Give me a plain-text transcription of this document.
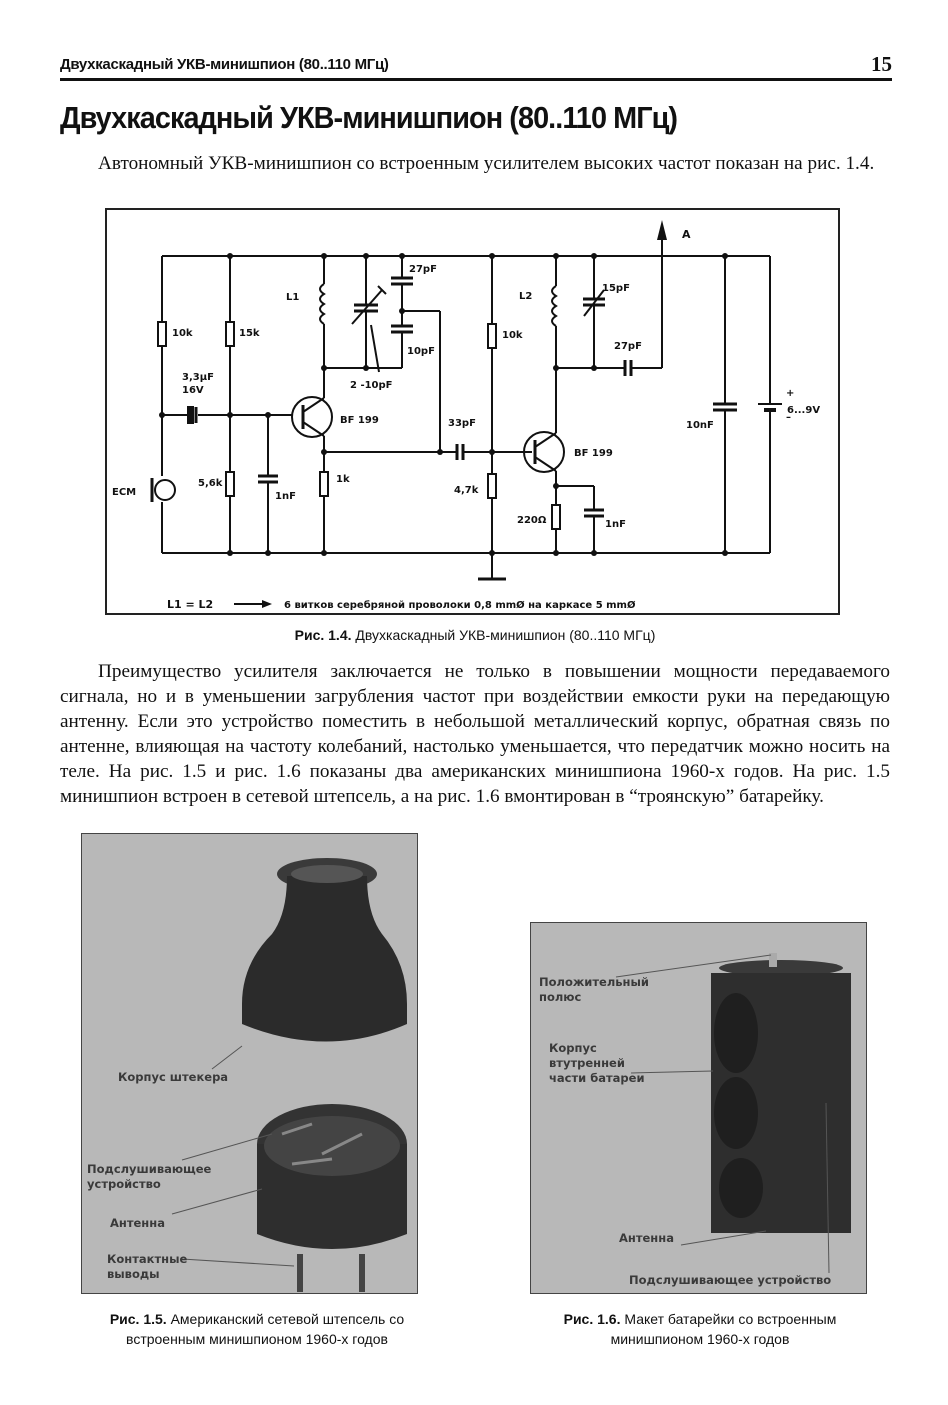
Двухкаскадный УКВ-минишпион (80..110 МГц)	15
Двухкаскадный УКВ-минишпион (80..110 МГц)
Автономный УКВ-минишпион со встроенным усилителем высоких частот показан на рис. 1.4.
10k	15k
3,3μF
16V
5,6k
1nF
ECM
L1
2 -10pF
27pF
10pF
BF 199
1k
33pF
10k
4,7k
L2
15pF
27pF
BF 199
220Ω	1nF
10nF
6...9V
+
–
A
L1 = L2	6 витков серебряной проволоки 0,8 mmØ на каркасе 5 mmØ
Рис. 1.4. Двухкаскадный УКВ-минишпион (80..110 МГц)
Преимущество усилителя заключается не только в повышении мощности передаваемого сигнала, но и в уменьшении загрубления частот при воздействии емкости руки на передающую антенну. Если это устройство поместить в небольшой металлический корпус, обратная связь по антенне, влияющая на частоту колебаний, настолько уменьшается, что передатчик можно носить на теле. На рис. 1.5 и рис. 1.6 показаны два американских минишпиона 1960-х годов. На рис. 1.5 минишпион встроен в сетевой штепсель, а на рис. 1.6 вмонтирован в “троянскую” батарейку.
Корпус штекера
Подслушивающее устройство
Антенна
Контактные выводы
Положительный полюс
Корпус втутренней части батареи
Антенна
Подслушивающее устройство
Рис. 1.5. Американский сетевой штепсель со
встроенным минишпионом 1960-х годов
Рис. 1.6. Макет батарейки со встроенным
минишпионом 1960-х годов
